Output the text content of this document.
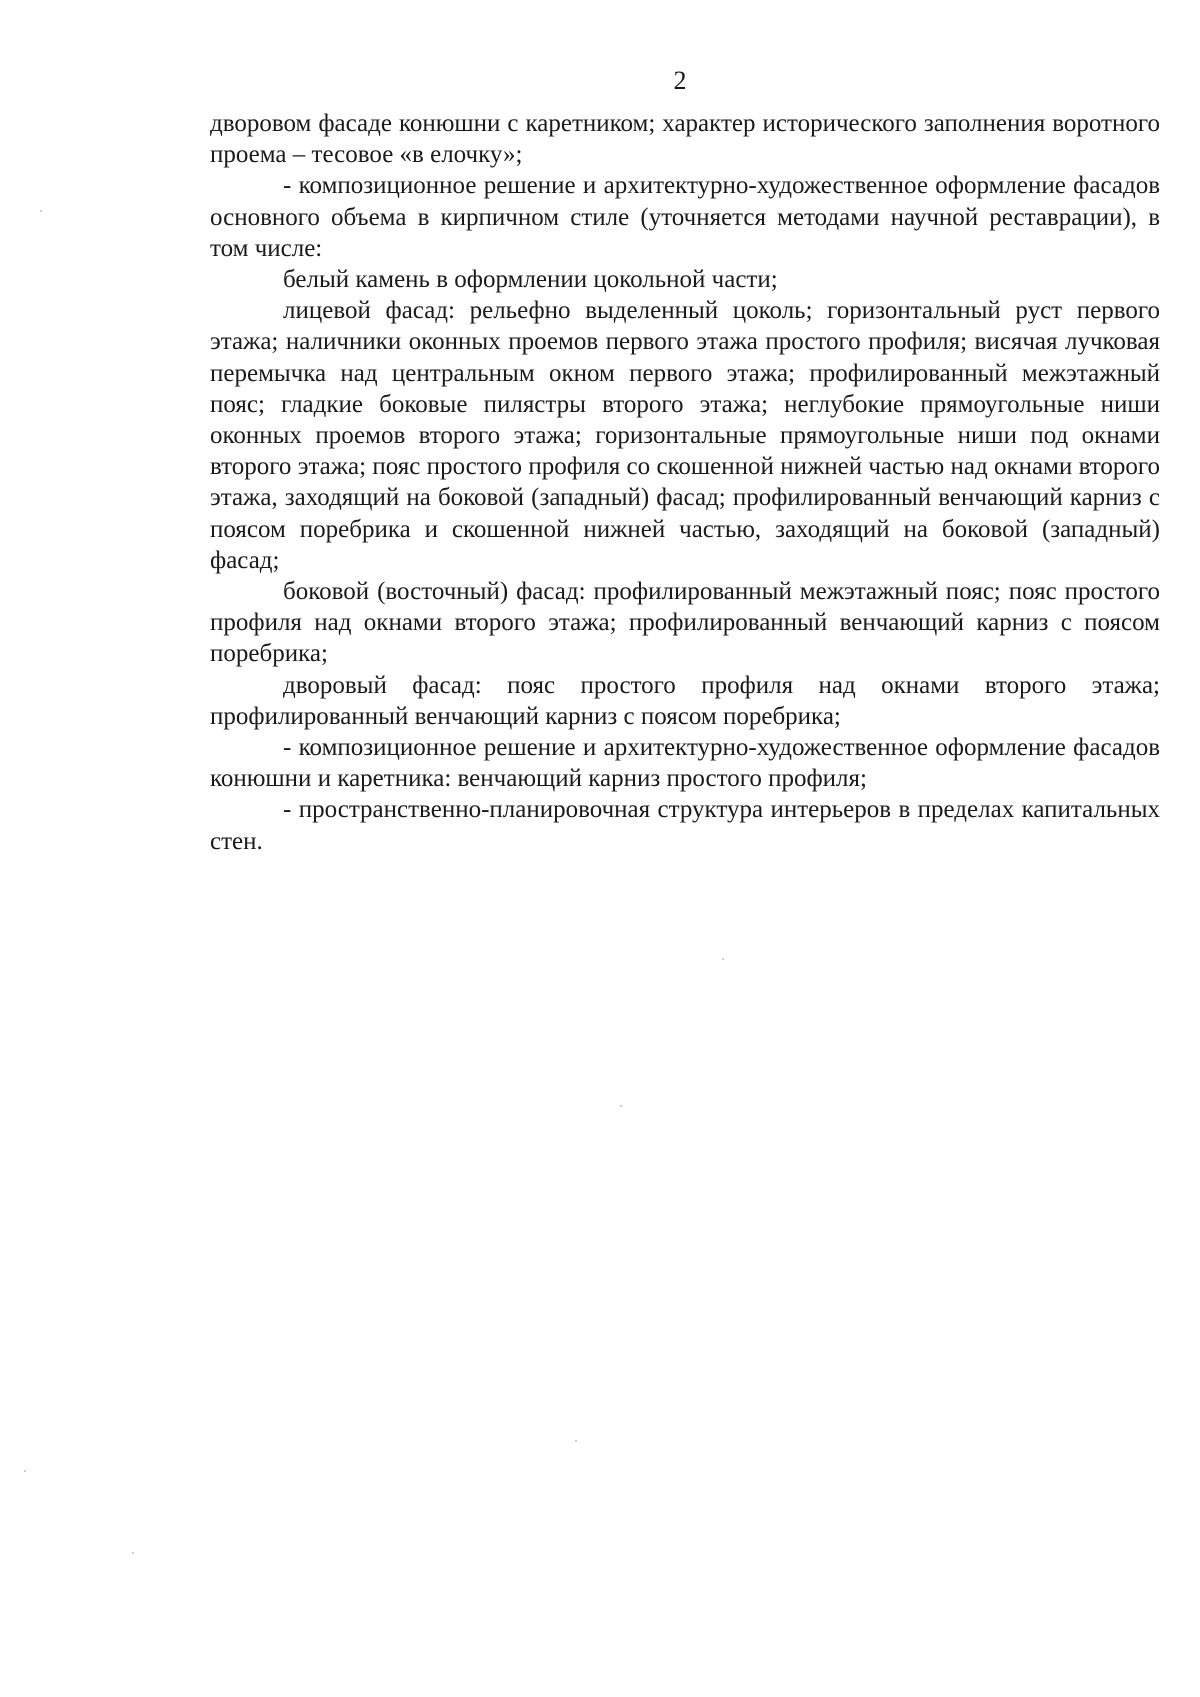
2

дворовом фасаде конюшни с каретником; характер исторического заполнения воротного проема – тесовое «в елочку»;

- композиционное решение и архитектурно-художественное оформление фасадов основного объема в кирпичном стиле (уточняется методами научной реставрации), в том числе:

белый камень в оформлении цокольной части;

лицевой фасад: рельефно выделенный цоколь; горизонтальный руст первого этажа; наличники оконных проемов первого этажа простого профиля; висячая лучковая перемычка над центральным окном первого этажа; профилированный межэтажный пояс; гладкие боковые пилястры второго этажа; неглубокие прямоугольные ниши оконных проемов второго этажа; горизонтальные прямоугольные ниши под окнами второго этажа; пояс простого профиля со скошенной нижней частью над окнами второго этажа, заходящий на боковой (западный) фасад; профилированный венчающий карниз с поясом поребрика и скошенной нижней частью, заходящий на боковой (западный) фасад;

боковой (восточный) фасад: профилированный межэтажный пояс; пояс простого профиля над окнами второго этажа; профилированный венчающий карниз с поясом поребрика;

дворовый фасад: пояс простого профиля над окнами второго этажа; профилированный венчающий карниз с поясом поребрика;

- композиционное решение и архитектурно-художественное оформление фасадов конюшни и каретника: венчающий карниз простого профиля;

- пространственно-планировочная структура интерьеров в пределах капитальных стен.
